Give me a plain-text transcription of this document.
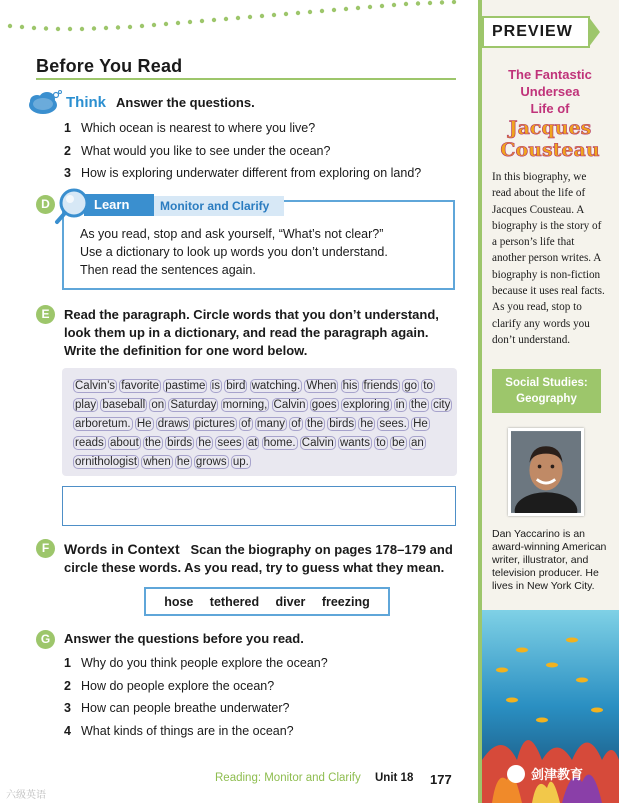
Before You Read
Think Answer the questions.
1 Which ocean is nearest to where you live?
2 What would you like to see under the ocean?
3 How is exploring underwater different from exploring on land?
D	Learn	Monitor and Clarify
As you read, stop and ask yourself, “What’s not clear?”
Use a dictionary to look up words you don’t understand.
Then read the sentences again.
E	Read the paragraph. Circle words that you don’t understand, look them up in a dictionary, and read the paragraph again. Write the definition for one word below.
Calvin’s favorite pastime is bird watching. When his friends go to play baseball on Saturday morning, Calvin goes exploring in the city arboretum. He draws pictures of many of the birds he sees. He reads about the birds he sees at home. Calvin wants to be an ornithologist when he grows up.
F	Words in Context Scan the biography on pages 178–179 and circle these words. As you read, try to guess what they mean.
hose tethered diver freezing
G	Answer the questions before you read.
1 Why do you think people explore the ocean?
2 How do people explore the ocean?
3 How can people breathe underwater?
4 What kinds of things are in the ocean?
Reading: Monitor and Clarify Unit 18 177
六级英语
PREVIEW
The Fantastic
Undersea
Life of
Jacques
Cousteau
In this biography, we read about the life of Jacques Cousteau. A biography is the story of a person’s life that another person writes. A biography is non-fiction because it uses real facts. As you read, stop to clarify any words you don’t understand.
Social Studies:
Geography
Dan Yaccarino is an award-winning American writer, illustrator, and television producer. He lives in New York City.
剑津教育
